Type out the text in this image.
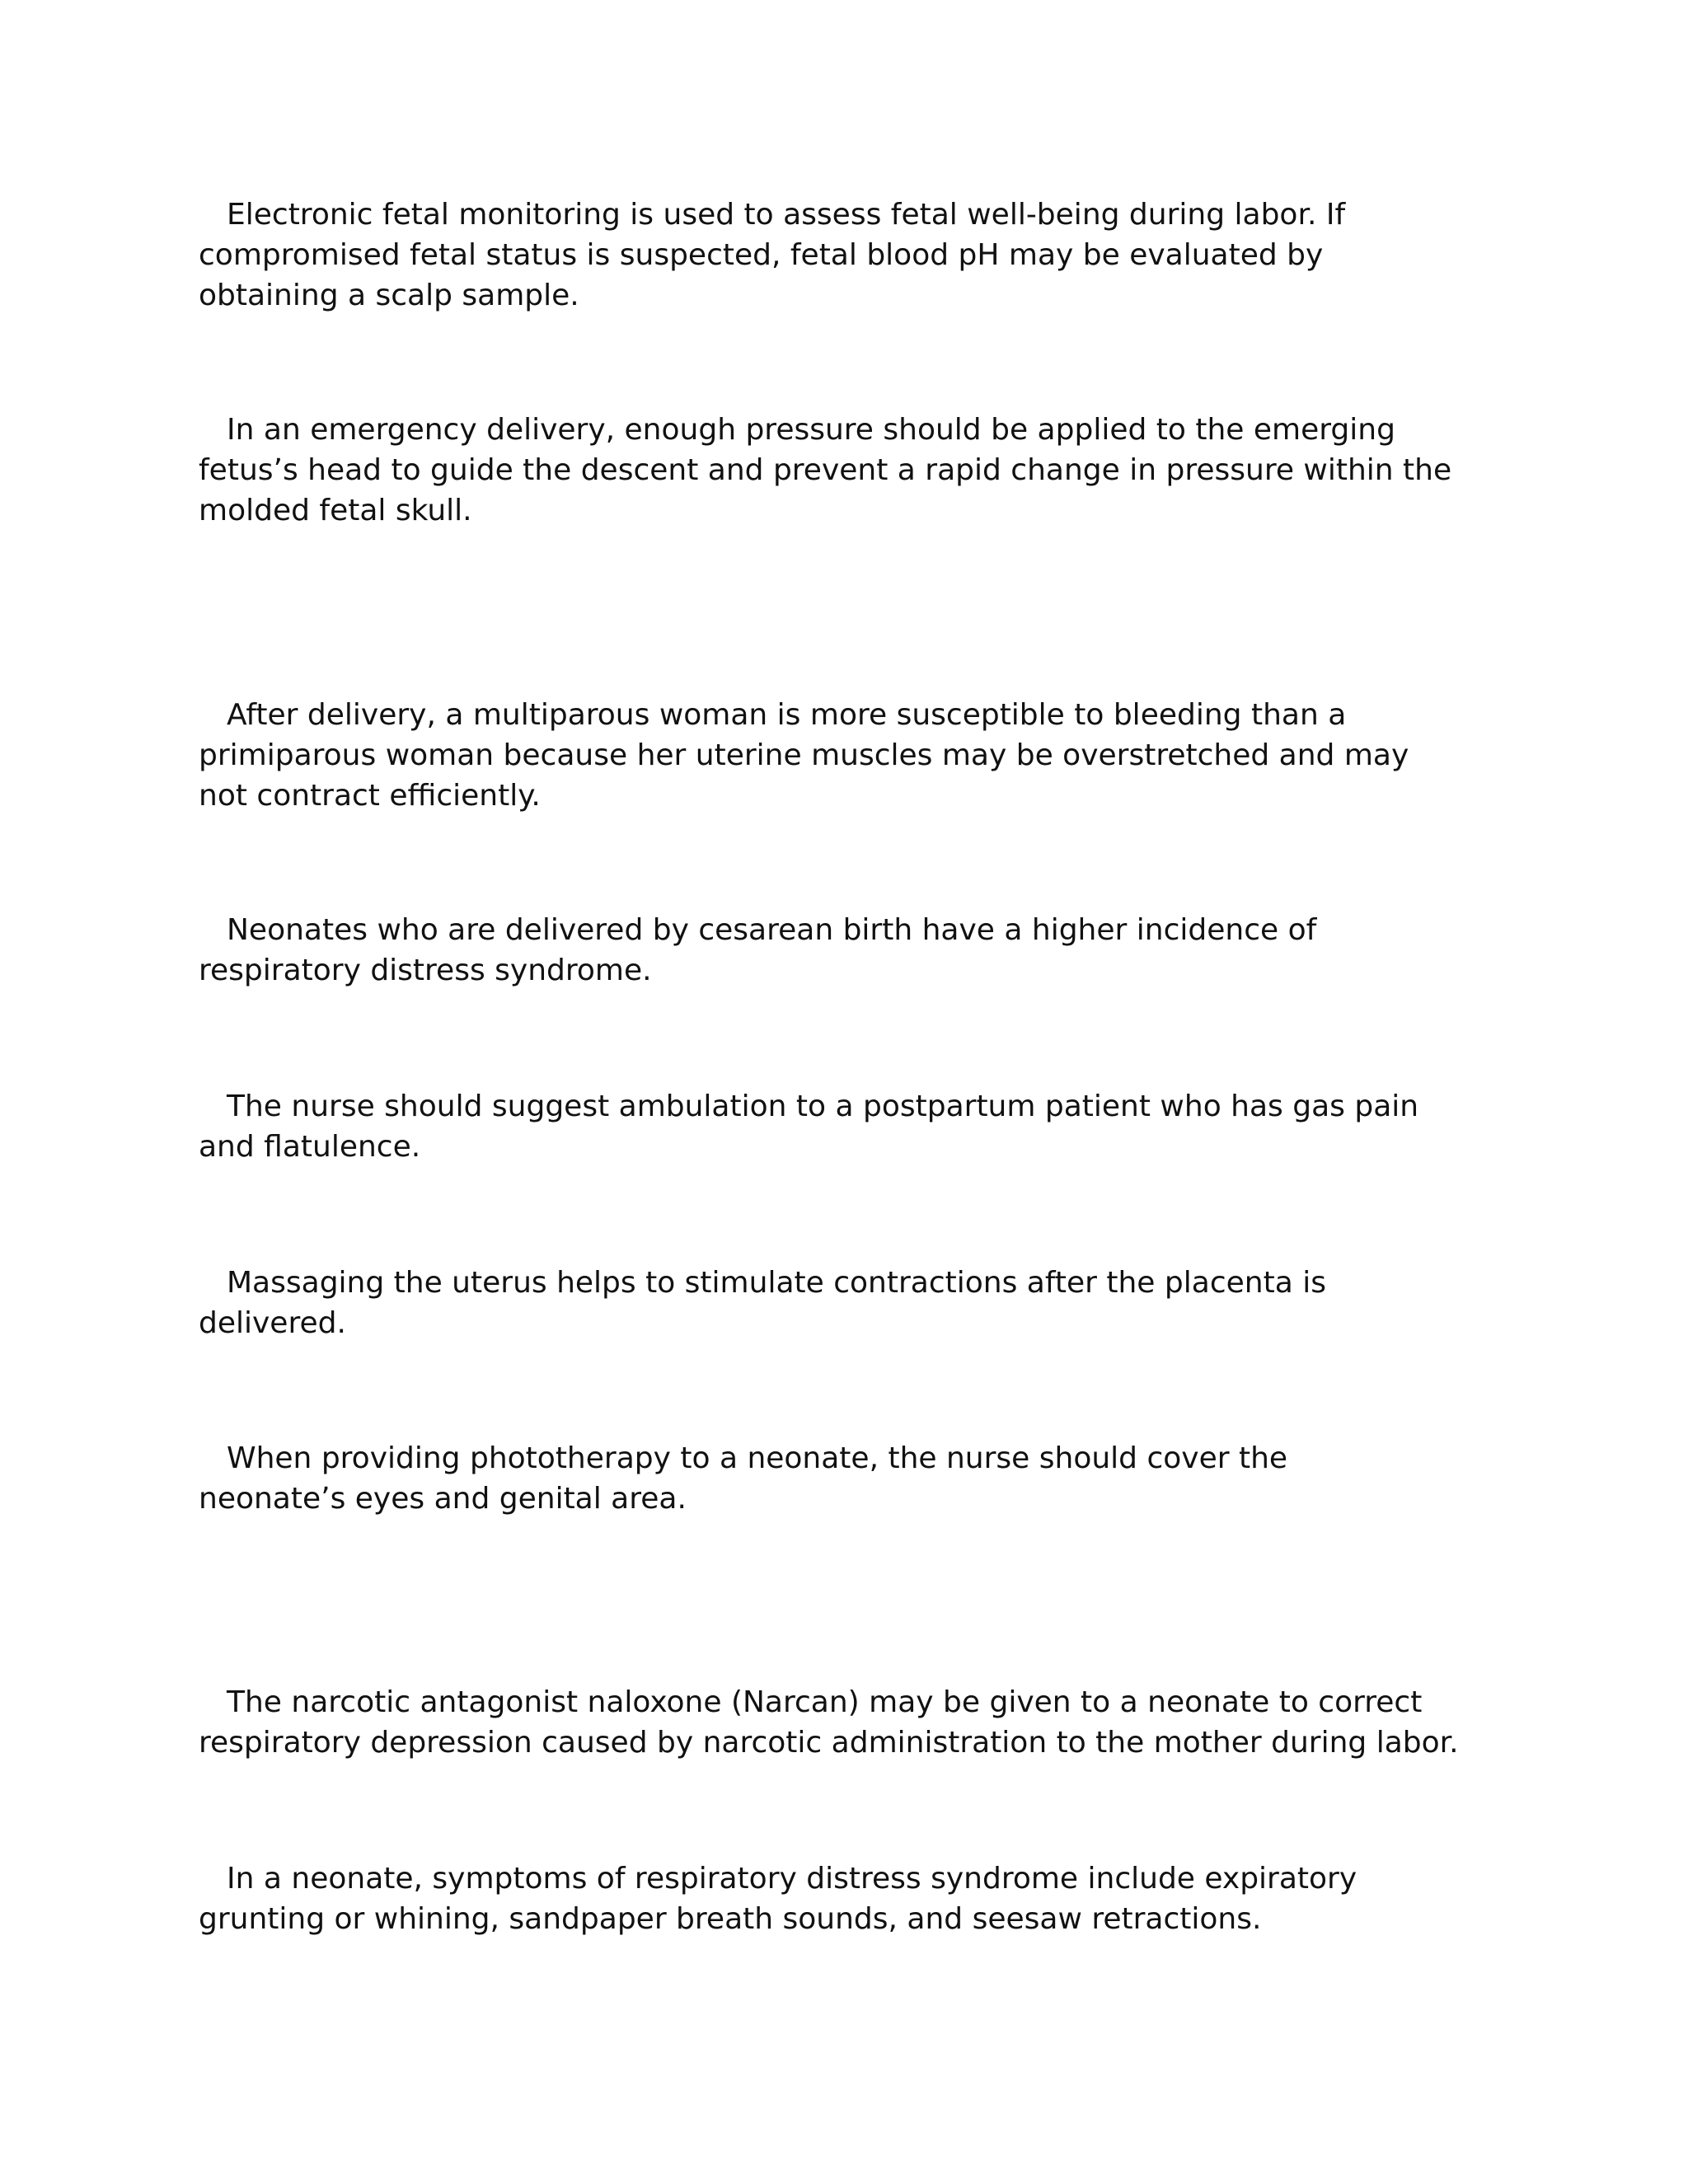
Electronic fetal monitoring is used to assess fetal well-being during labor. If
compromised fetal status is suspected, fetal blood pH may be evaluated by
obtaining a scalp sample.

In an emergency delivery, enough pressure should be applied to the emerging
fetus’s head to guide the descent and prevent a rapid change in pressure within the
molded fetal skull.

After delivery, a multiparous woman is more susceptible to bleeding than a
primiparous woman because her uterine muscles may be overstretched and may
not contract efficiently.

Neonates who are delivered by cesarean birth have a higher incidence of
respiratory distress syndrome.

The nurse should suggest ambulation to a postpartum patient who has gas pain
and flatulence.

Massaging the uterus helps to stimulate contractions after the placenta is
delivered.

When providing phototherapy to a neonate, the nurse should cover the
neonate’s eyes and genital area.

The narcotic antagonist naloxone (Narcan) may be given to a neonate to correct
respiratory depression caused by narcotic administration to the mother during labor.

In a neonate, symptoms of respiratory distress syndrome include expiratory
grunting or whining, sandpaper breath sounds, and seesaw retractions.
